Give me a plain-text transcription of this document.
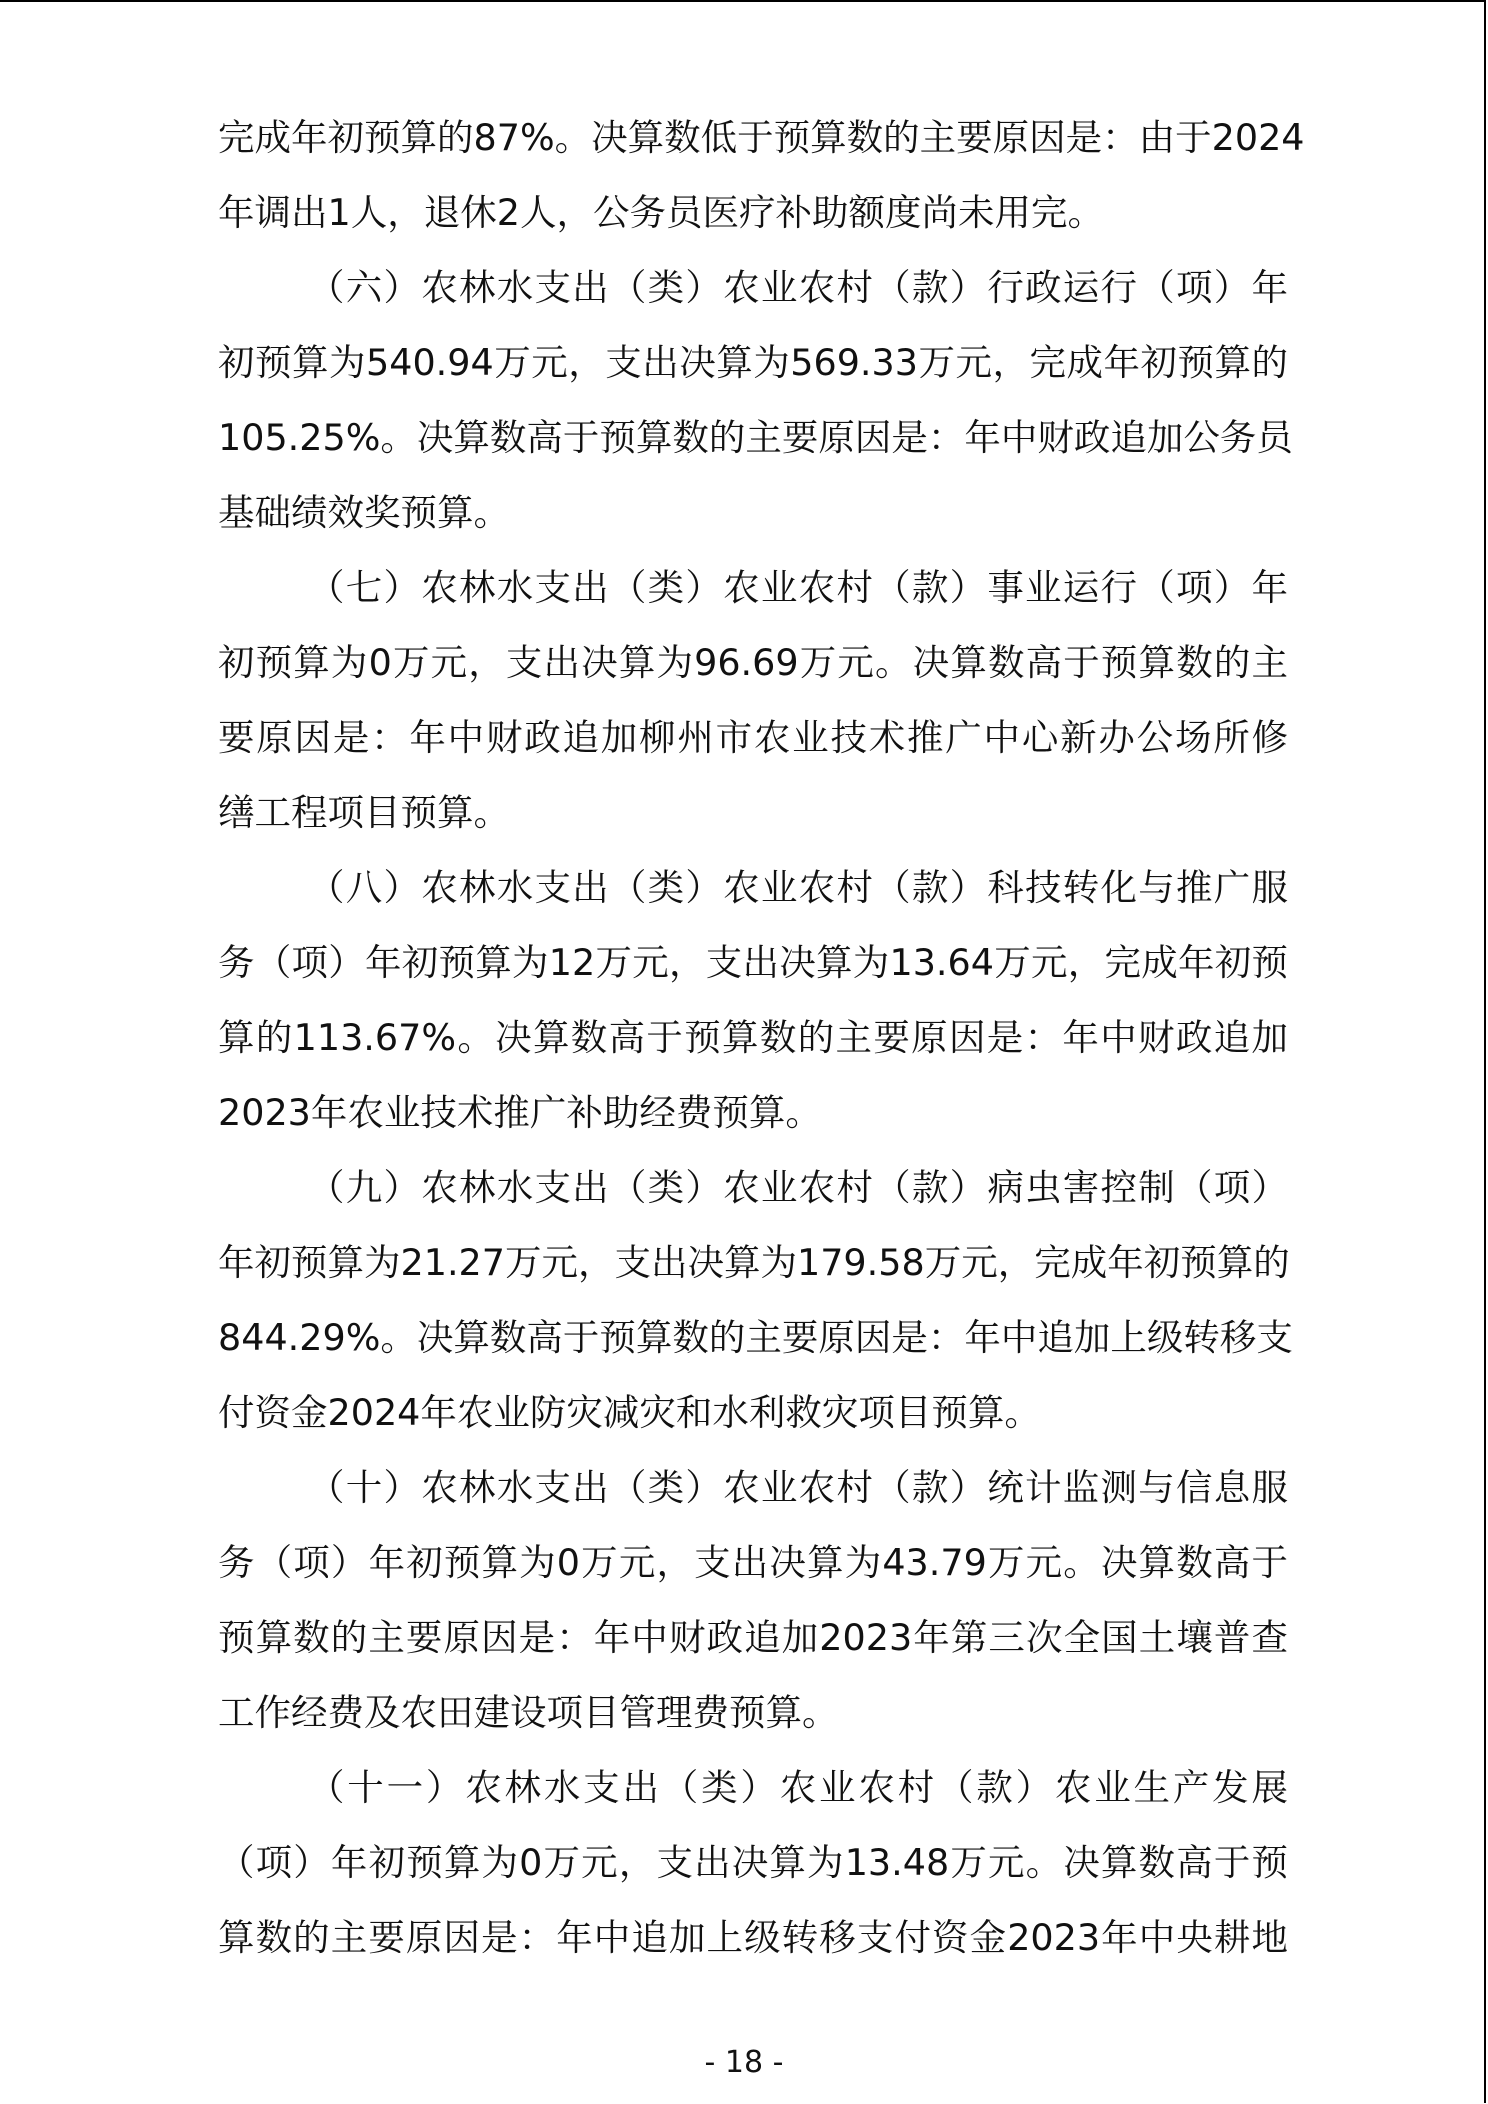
完成年初预算的87%。决算数低于预算数的主要原因是：由于2024
年调出1人，退休2人，公务员医疗补助额度尚未用完。
（六）农林水支出（类）农业农村（款）行政运行（项）年
初预算为540.94万元，支出决算为569.33万元，完成年初预算的
105.25%。决算数高于预算数的主要原因是：年中财政追加公务员
基础绩效奖预算。
（七）农林水支出（类）农业农村（款）事业运行（项）年
初预算为0万元，支出决算为96.69万元。决算数高于预算数的主
要原因是：年中财政追加柳州市农业技术推广中心新办公场所修
缮工程项目预算。
（八）农林水支出（类）农业农村（款）科技转化与推广服
务（项）年初预算为12万元，支出决算为13.64万元，完成年初预
算的113.67%。决算数高于预算数的主要原因是：年中财政追加
2023年农业技术推广补助经费预算。
（九）农林水支出（类）农业农村（款）病虫害控制（项）
年初预算为21.27万元，支出决算为179.58万元，完成年初预算的
844.29%。决算数高于预算数的主要原因是：年中追加上级转移支
付资金2024年农业防灾减灾和水利救灾项目预算。
（十）农林水支出（类）农业农村（款）统计监测与信息服
务（项）年初预算为0万元，支出决算为43.79万元。决算数高于
预算数的主要原因是：年中财政追加2023年第三次全国土壤普查
工作经费及农田建设项目管理费预算。
（十一）农林水支出（类）农业农村（款）农业生产发展
（项）年初预算为0万元，支出决算为13.48万元。决算数高于预
算数的主要原因是：年中追加上级转移支付资金2023年中央耕地
- 18 -
